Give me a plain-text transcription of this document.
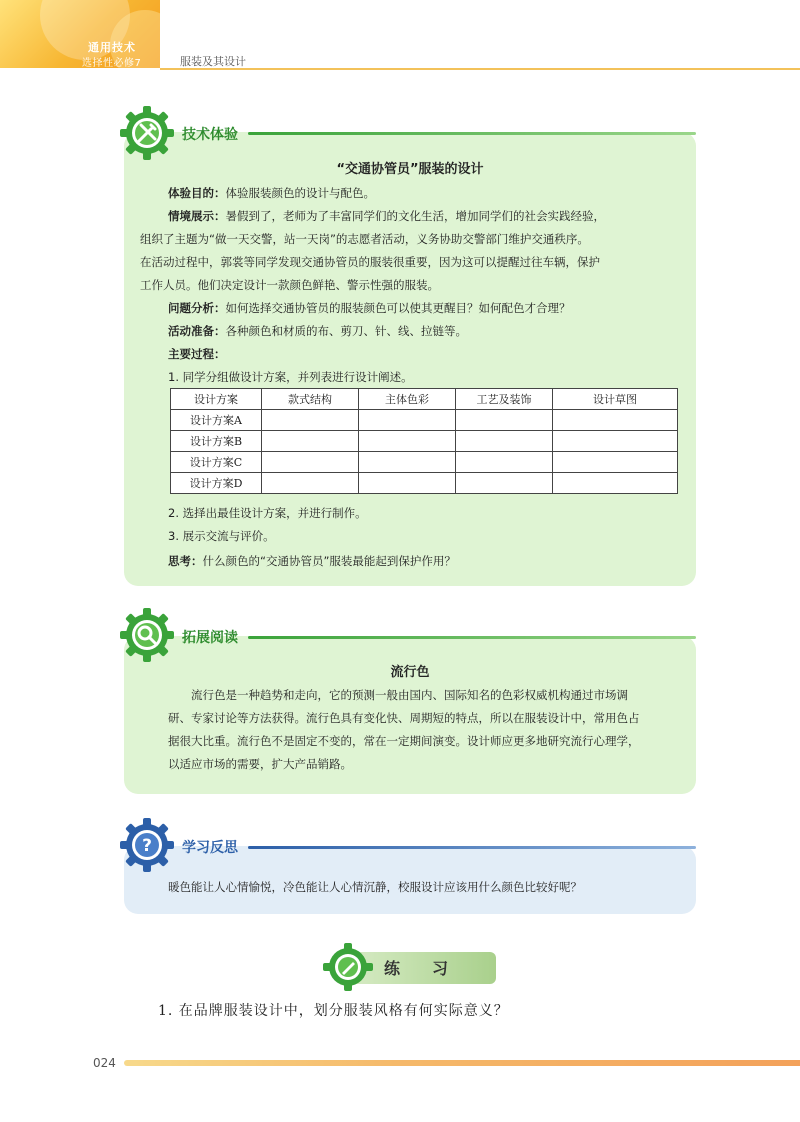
通用技术
选择性必修7	服装及其设计
技术体验
“交通协管员”服装的设计
体验目的：体验服装颜色的设计与配色。
情境展示：暑假到了，老师为了丰富同学们的文化生活，增加同学们的社会实践经验，
组织了主题为“做一天交警，站一天岗”的志愿者活动，义务协助交警部门维护交通秩序。
在活动过程中，郭裳等同学发现交通协管员的服装很重要，因为这可以提醒过往车辆，保护
工作人员。他们决定设计一款颜色鲜艳、警示性强的服装。
问题分析：如何选择交通协管员的服装颜色可以使其更醒目？如何配色才合理？
活动准备：各种颜色和材质的布、剪刀、针、线、拉链等。
主要过程：
1. 同学分组做设计方案，并列表进行设计阐述。
设计方案	款式结构	主体色彩	工艺及装饰	设计草图
设计方案A				
设计方案B				
设计方案C				
设计方案D				
2. 选择出最佳设计方案，并进行制作。
3. 展示交流与评价。
思考：什么颜色的“交通协管员”服装最能起到保护作用？
拓展阅读
流行色
流行色是一种趋势和走向，它的预测一般由国内、国际知名的色彩权威机构通过市场调
研、专家讨论等方法获得。流行色具有变化快、周期短的特点，所以在服装设计中，常用色占
据很大比重。流行色不是固定不变的，常在一定期间演变。设计师应更多地研究流行心理学，
以适应市场的需要，扩大产品销路。
? 学习反思
暖色能让人心情愉悦，冷色能让人心情沉静，校服设计应该用什么颜色比较好呢？
练　　习
1. 在品牌服装设计中，划分服装风格有何实际意义？
024
